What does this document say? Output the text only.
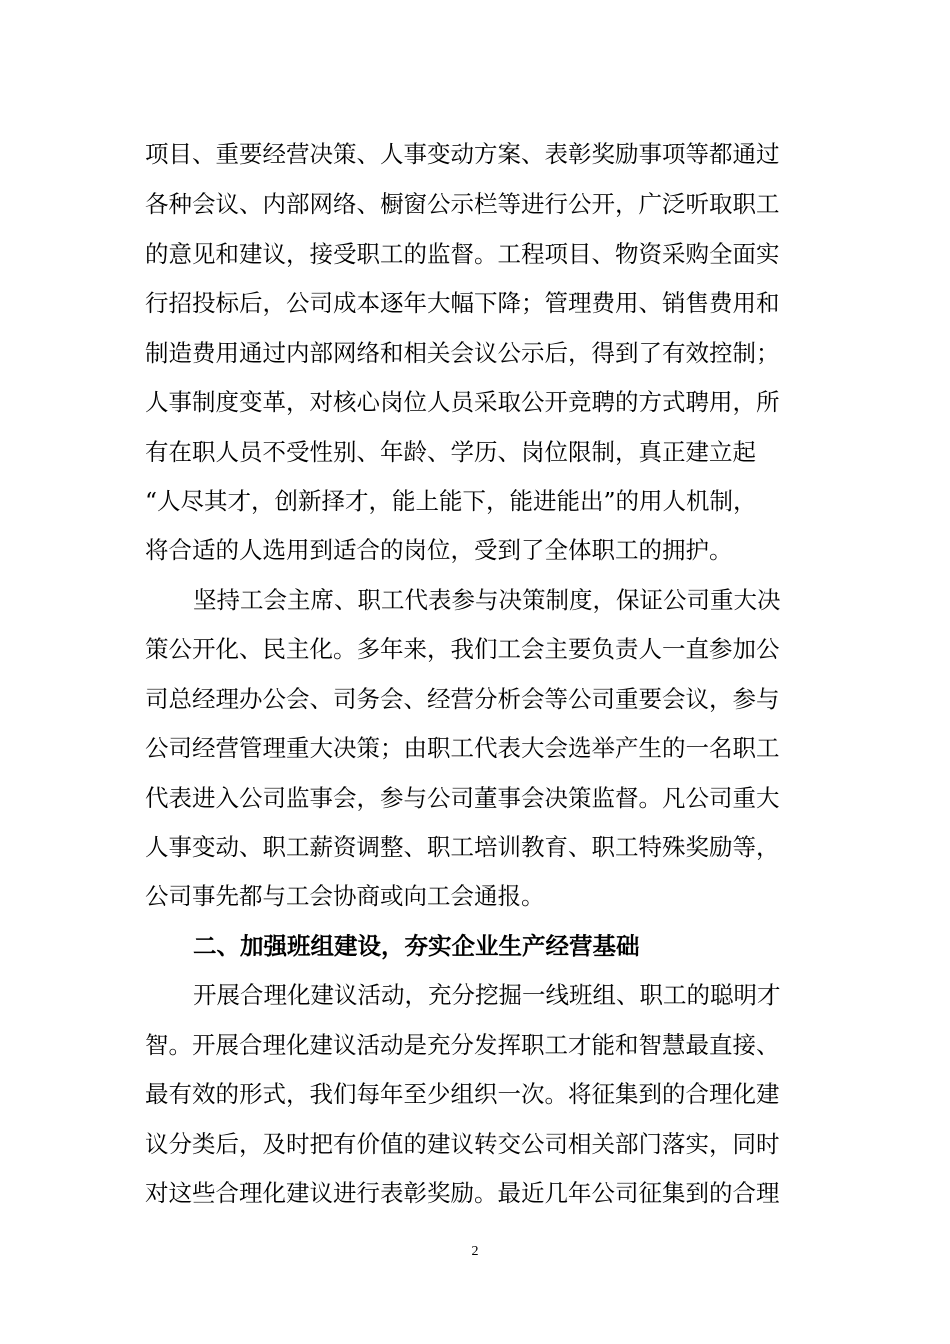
项目、重要经营决策、人事变动方案、表彰奖励事项等都通过
各种会议、内部网络、橱窗公示栏等进行公开，广泛听取职工
的意见和建议，接受职工的监督。工程项目、物资采购全面实
行招投标后，公司成本逐年大幅下降；管理费用、销售费用和
制造费用通过内部网络和相关会议公示后，得到了有效控制；
人事制度变革，对核心岗位人员采取公开竞聘的方式聘用，所
有在职人员不受性别、年龄、学历、岗位限制，真正建立起
“人尽其才，创新择才，能上能下，能进能出”的用人机制，
将合适的人选用到适合的岗位，受到了全体职工的拥护。
坚持工会主席、职工代表参与决策制度，保证公司重大决
策公开化、民主化。多年来，我们工会主要负责人一直参加公
司总经理办公会、司务会、经营分析会等公司重要会议，参与
公司经营管理重大决策；由职工代表大会选举产生的一名职工
代表进入公司监事会，参与公司董事会决策监督。凡公司重大
人事变动、职工薪资调整、职工培训教育、职工特殊奖励等，
公司事先都与工会协商或向工会通报。
二、加强班组建设，夯实企业生产经营基础
开展合理化建议活动，充分挖掘一线班组、职工的聪明才
智。开展合理化建议活动是充分发挥职工才能和智慧最直接、
最有效的形式，我们每年至少组织一次。将征集到的合理化建
议分类后，及时把有价值的建议转交公司相关部门落实，同时
对这些合理化建议进行表彰奖励。最近几年公司征集到的合理
2
